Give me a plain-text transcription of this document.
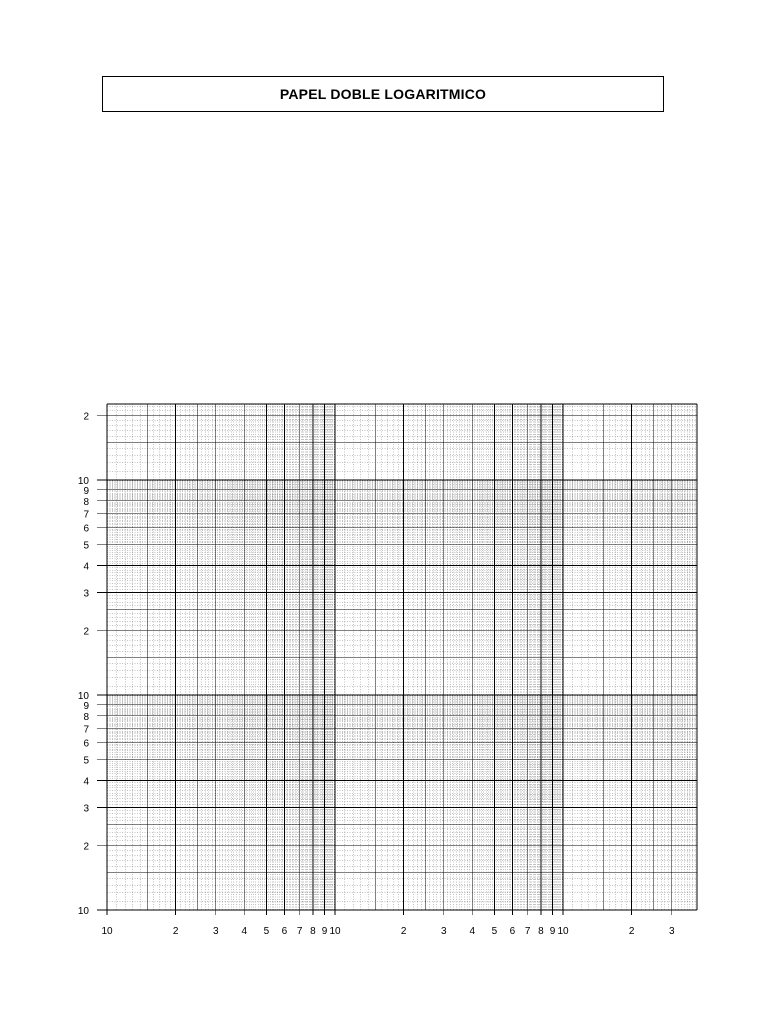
PAPEL DOBLE LOGARITMICO
10	2	3 4 5 6 7 8 9 10	2	3 4 5 6 7 8 9 10	2	3
10
2
3
4
5
6
7
8
9
10
2
3
4
5
6
7
8
9
10
2
